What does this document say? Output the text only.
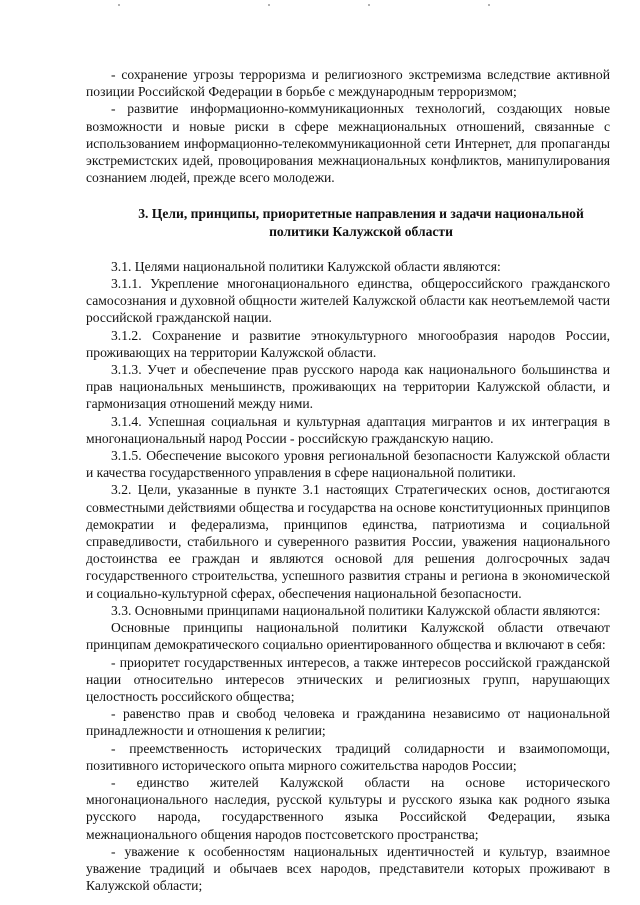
- сохранение угрозы терроризма и религиозного экстремизма вследствие активной позиции Российской Федерации в борьбе с международным терроризмом;

- развитие информационно-коммуникационных технологий, создающих новые возможности и новые риски в сфере межнациональных отношений, связанные с использованием информационно-телекоммуникационной сети Интернет, для пропаганды экстремистских идей, провоцирования межнациональных конфликтов, манипулирования сознанием людей, прежде всего молодежи.

3. Цели, принципы, приоритетные направления и задачи национальной политики Калужской области

3.1. Целями национальной политики Калужской области являются:

3.1.1. Укрепление многонационального единства, общероссийского гражданского самосознания и духовной общности жителей Калужской области как неотъемлемой части российской гражданской нации.

3.1.2. Сохранение и развитие этнокультурного многообразия народов России, проживающих на территории Калужской области.

3.1.3. Учет и обеспечение прав русского народа как национального большинства и прав национальных меньшинств, проживающих на территории Калужской области, и гармонизация отношений между ними.

3.1.4. Успешная социальная и культурная адаптация мигрантов и их интеграция в многонациональный народ России - российскую гражданскую нацию.

3.1.5. Обеспечение высокого уровня региональной безопасности Калужской области и качества государственного управления в сфере национальной политики.

3.2. Цели, указанные в пункте 3.1 настоящих Стратегических основ, достигаются совместными действиями общества и государства на основе конституционных принципов демократии и федерализма, принципов единства, патриотизма и социальной справедливости, стабильного и суверенного развития России, уважения национального достоинства ее граждан и являются основой для решения долгосрочных задач государственного строительства, успешного развития страны и региона в экономической и социально-культурной сферах, обеспечения национальной безопасности.

3.3. Основными принципами национальной политики Калужской области являются:

Основные принципы национальной политики Калужской области отвечают принципам демократического социально ориентированного общества и включают в себя:

- приоритет государственных интересов, а также интересов российской гражданской нации относительно интересов этнических и религиозных групп, нарушающих целостность российского общества;

- равенство прав и свобод человека и гражданина независимо от национальной принадлежности и отношения к религии;

- преемственность исторических традиций солидарности и взаимопомощи, позитивного исторического опыта мирного сожительства народов России;

- единство жителей Калужской области на основе исторического многонационального наследия, русской культуры и русского языка как родного языка русского народа, государственного языка Российской Федерации, языка межнационального общения народов постсоветского пространства;

- уважение к особенностям национальных идентичностей и культур, взаимное уважение традиций и обычаев всех народов, представители которых проживают в Калужской области;
